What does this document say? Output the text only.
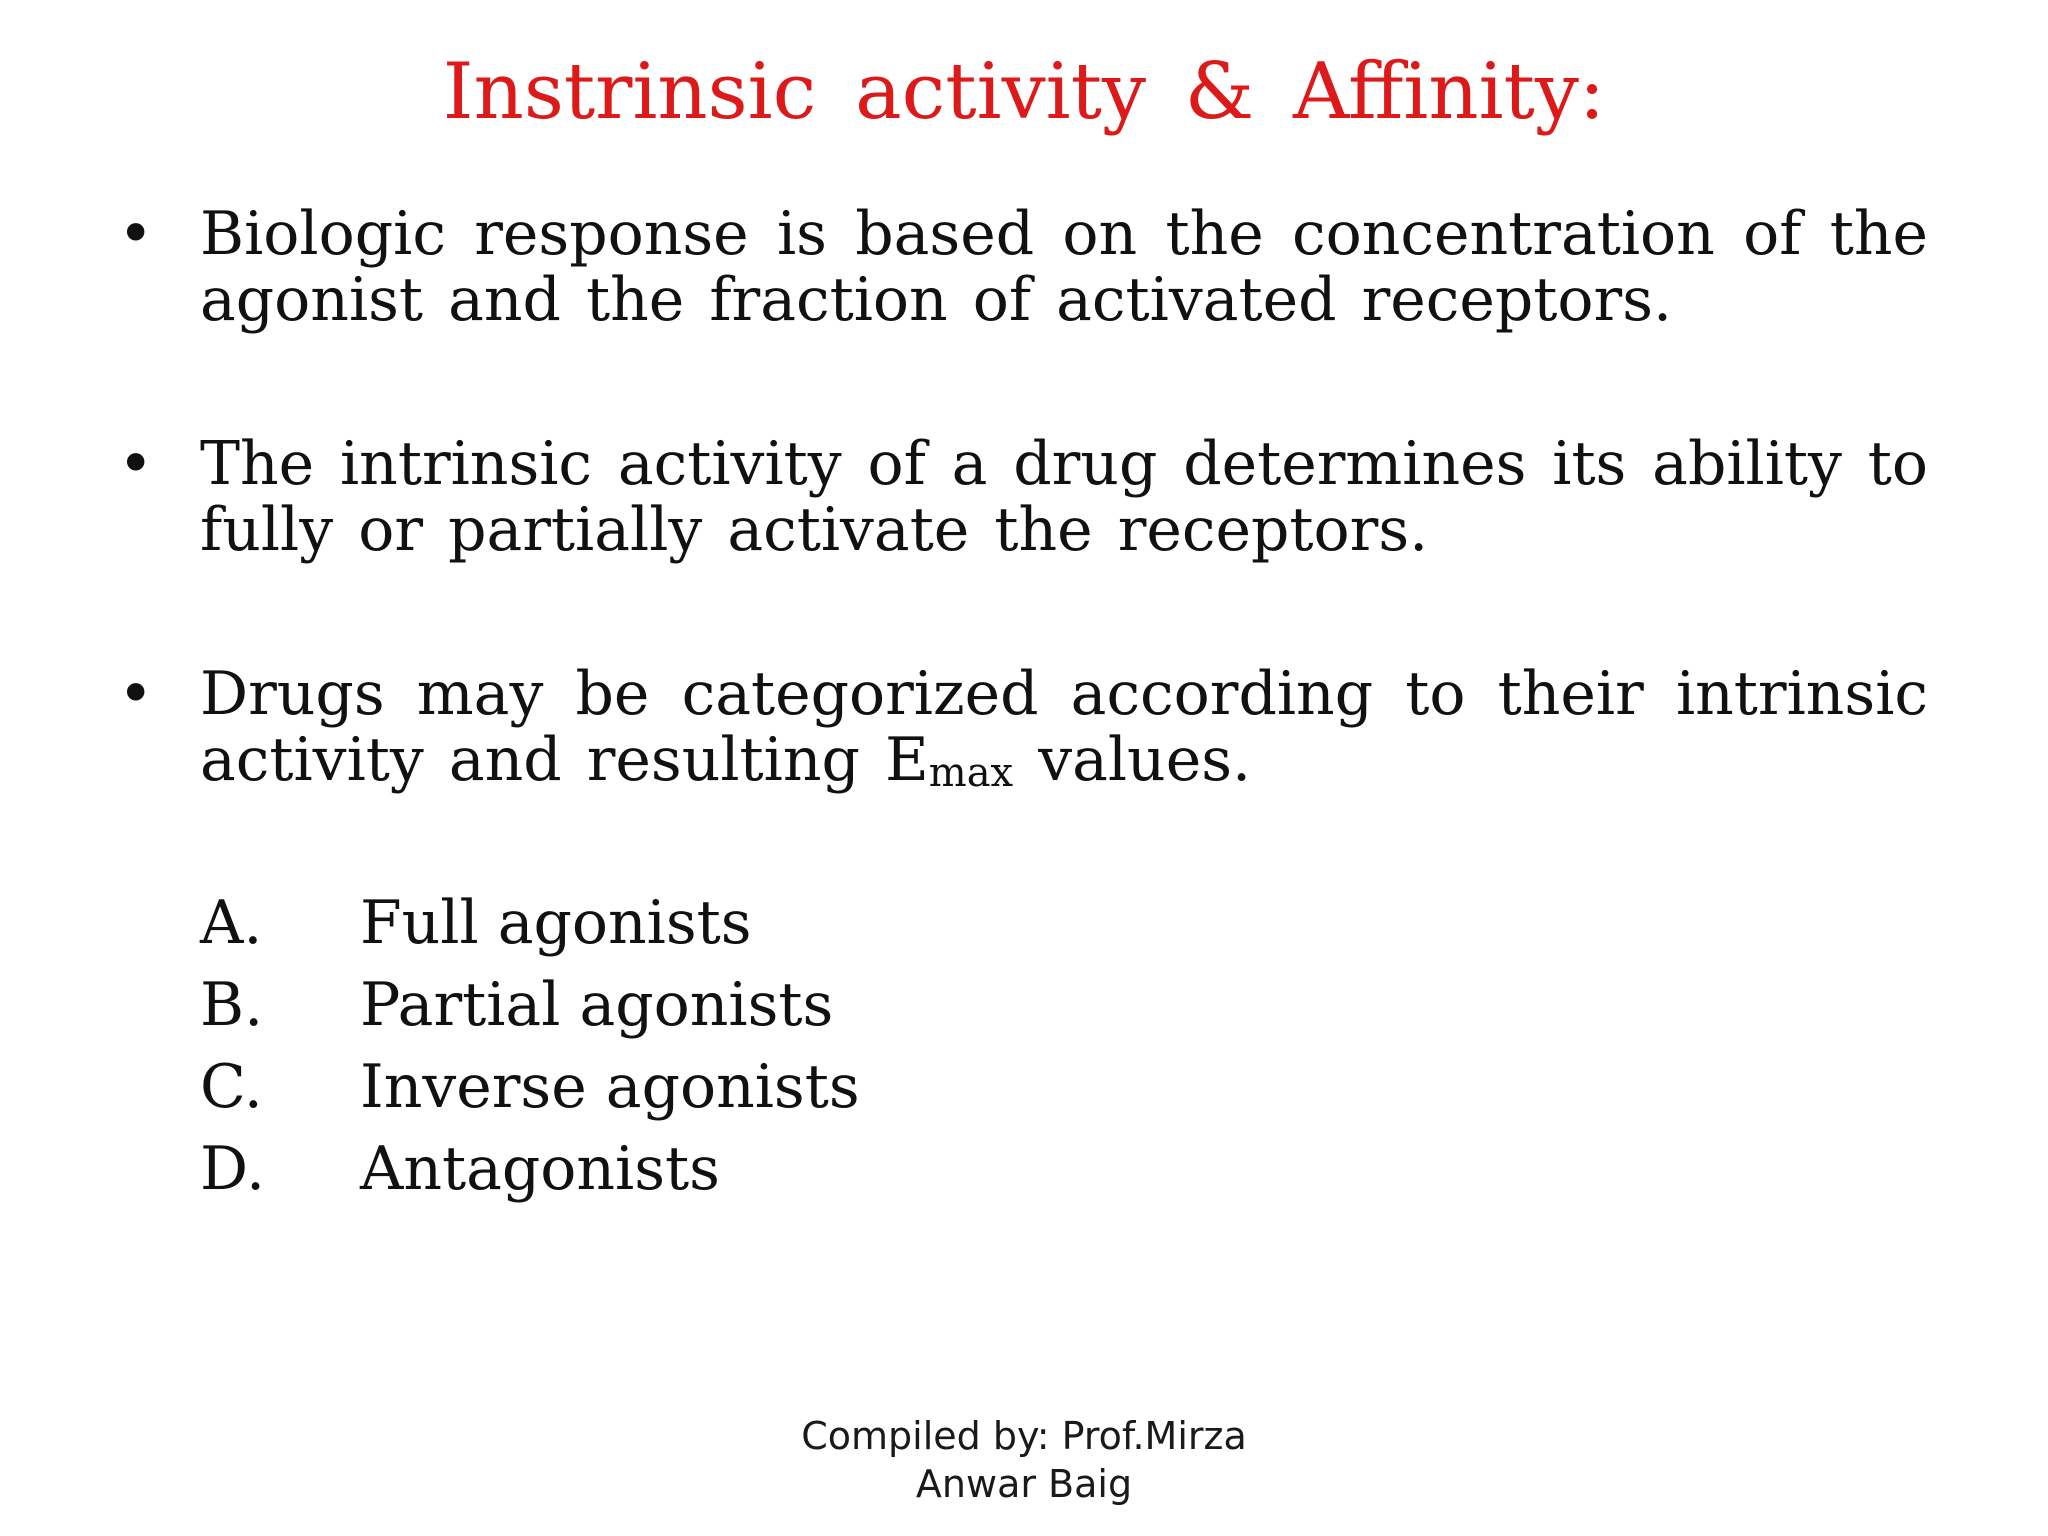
Instrinsic activity & Affinity:
• Biologic response is based on the concentration of the agonist and the fraction of activated receptors.
• The intrinsic activity of a drug determines its ability to fully or partially activate the receptors.
• Drugs may be categorized according to their intrinsic activity and resulting $E_{max}$ values.
A. Full agonists
B. Partial agonists
C. Inverse agonists
D. Antagonists
Compiled by: Prof.Mirza
Anwar Baig
